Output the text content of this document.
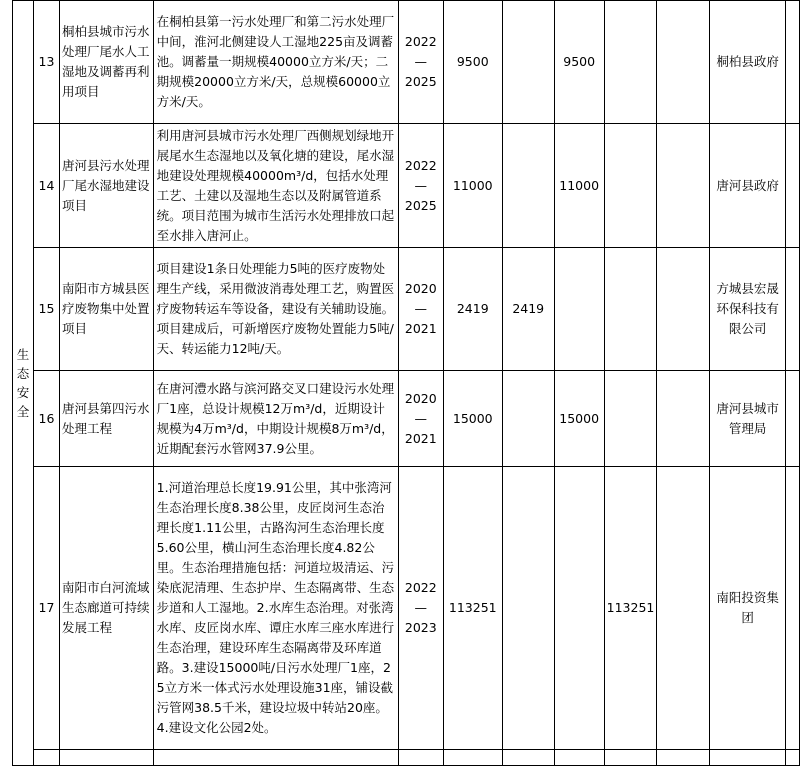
生态安全	13	桐柏县城市污水处理厂尾水人工湿地及调蓄再利用项目	在桐柏县第一污水处理厂和第二污水处理厂中间，淮河北侧建设人工湿地225亩及调蓄池。调蓄量一期规模40000立方米/天；二期规模20000立方米/天，总规模60000立方米/天。	2022—2025	9500		9500			桐柏县政府	
	14	唐河县污水处理厂尾水湿地建设项目	利用唐河县城市污水处理厂西侧规划绿地开展尾水生态湿地以及氧化塘的建设，尾水湿地建设处理规模40000m³/d，包括水处理工艺、土建以及湿地生态以及附属管道系统。项目范围为城市生活污水处理排放口起至水排入唐河止。	2022—2025	11000		11000			唐河县政府	
	15	南阳市方城县医疗废物集中处置项目	项目建设1条日处理能力5吨的医疗废物处理生产线，采用微波消毒处理工艺，购置医疗废物转运车等设备，建设有关辅助设施。项目建成后，可新增医疗废物处置能力5吨/天、转运能力12吨/天。	2020—2021	2419	2419				方城县宏晟环保科技有限公司	
	16	唐河县第四污水处理工程	在唐河澧水路与滨河路交叉口建设污水处理厂1座，总设计规模12万m³/d，近期设计规模为4万m³/d，中期设计规模8万m³/d，近期配套污水管网37.9公里。	2020—2021	15000		15000			唐河县城市管理局	
	17	南阳市白河流域生态廊道可持续发展工程	1.河道治理总长度19.91公里，其中张湾河生态治理长度8.38公里，皮匠岗河生态治理长度1.11公里，古路沟河生态治理长度5.60公里，横山河生态治理长度4.82公里。生态治理措施包括：河道垃圾清运、污染底泥清理、生态护岸、生态隔离带、生态步道和人工湿地。2.水库生态治理。对张湾水库、皮匠岗水库、谭庄水库三座水库进行生态治理，建设环库生态隔离带及环库道路。3.建设15000吨/日污水处理厂1座，25立方米一体式污水处理设施31座，铺设截污管网38.5千米，建设垃圾中转站20座。4.建设文化公园2处。	2022—2023	113251			113251		南阳投资集团	
